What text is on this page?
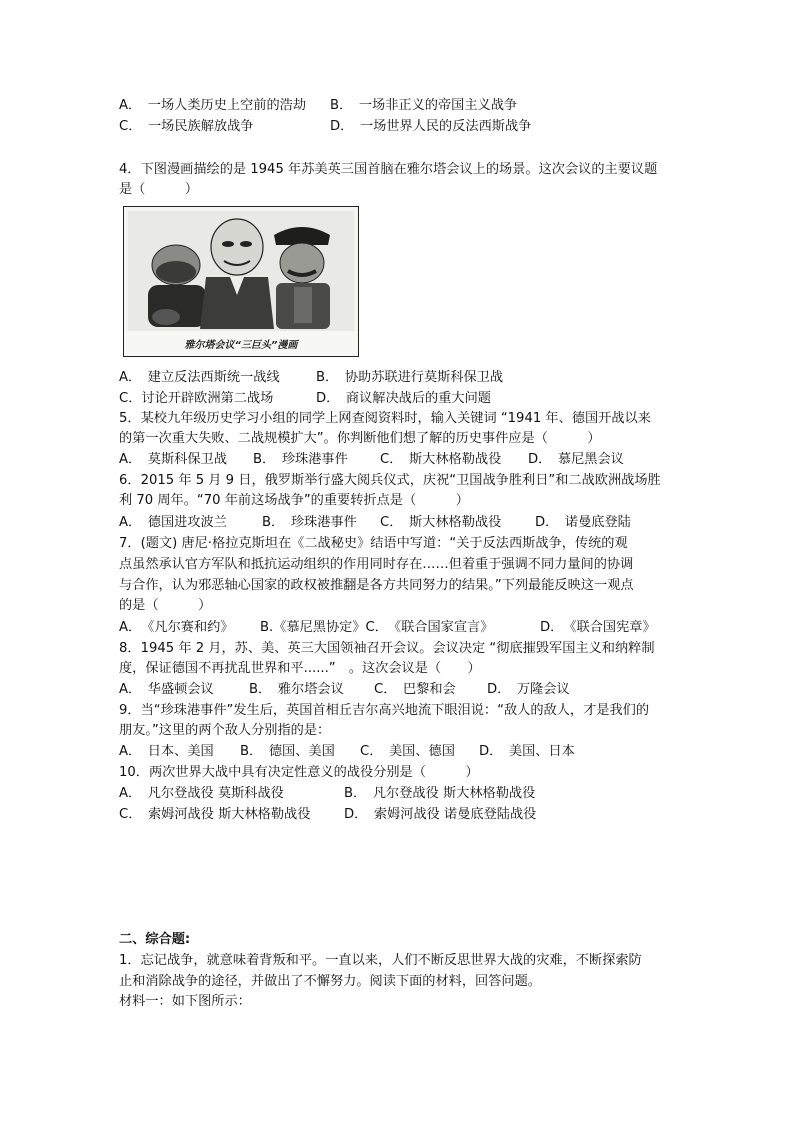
A．　一场人类历史上空前的浩劫 B．　一场非正义的帝国主义战争
C．　一场民族解放战争	D．　一场世界人民的反法西斯战争
4．下图漫画描绘的是 1945 年苏美英三国首脑在雅尔塔会议上的场景。这次会议的主要议题
是（　　　）
雅尔塔会议“三巨头”漫画
A．　建立反法西斯统一战线	B．　协助苏联进行莫斯科保卫战
C．讨论开辟欧洲第二战场	D．　商议解决战后的重大问题
5．某校九年级历史学习小组的同学上网查阅资料时，输入关键词 “1941 年、德国开战以来
的第一次重大失败、二战规模扩大”。你判断他们想了解的历史事件应是（　　　）
A．　莫斯科保卫战 B．　珍珠港事件 C．　斯大林格勒战役 D．　慕尼黑会议
6．2015 年 5 月 9 日，俄罗斯举行盛大阅兵仪式，庆祝“卫国战争胜利日”和二战欧洲战场胜
利 70 周年。“70 年前这场战争”的重要转折点是（　　　）
A．　德国进攻波兰	B．　珍珠港事件 C．　斯大林格勒战役	D．　诺曼底登陆
7．(题文) 唐尼·格拉克斯坦在《二战秘史》结语中写道：“关于反法西斯战争，传统的观
点虽然承认官方军队和抵抗运动组织的作用同时存在……但着重于强调不同力量间的协调
与合作，认为邪恶轴心国家的政权被推翻是各方共同努力的结果。”下列最能反映这一观点
的是（　　　）
A．　《凡尔赛和约》 B.《慕尼黑协定》C．　《联合国家宣言》	D．　《联合国宪章》
8．1945 年 2 月，苏、美、英三大国领袖召开会议。会议决定 “彻底摧毁军国主义和纳粹制
度，保证德国不再扰乱世界和平......”　。这次会议是（　　）
A．　华盛顿会议	B．　雅尔塔会议 C．　巴黎和会 D．　万隆会议
9．当“珍珠港事件”发生后，英国首相丘吉尔高兴地流下眼泪说：“敌人的敌人，才是我们的
朋友。”这里的两个敌人分别指的是：
A．　日本、美国 B．　德国、美国 C．　美国、德国 D．　美国、日本
10．两次世界大战中具有决定性意义的战役分别是（　　　）
A．　凡尔登战役 莫斯科战役	B．　凡尔登战役 斯大林格勒战役
C．　索姆河战役 斯大林格勒战役	D．　索姆河战役 诺曼底登陆战役
二、综合题:
1．忘记战争，就意味着背叛和平。一直以来，人们不断反思世界大战的灾难，不断探索防
止和消除战争的途径，并做出了不懈努力。阅读下面的材料，回答问题。
材料一：如下图所示：
